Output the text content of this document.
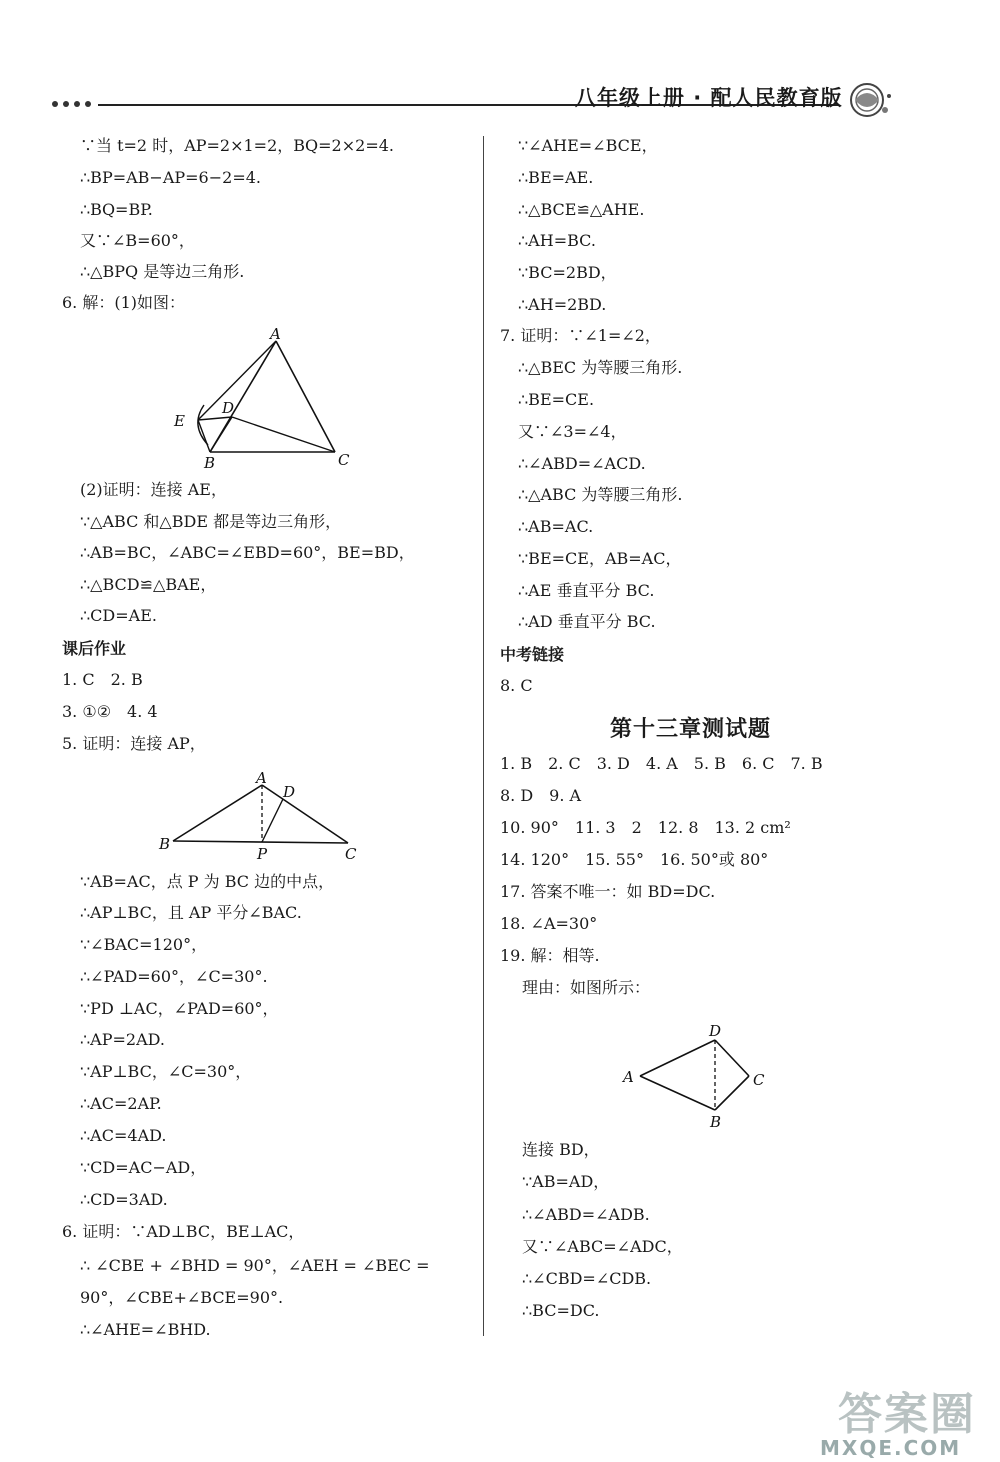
八年级上册 · 配人民教育版
∵当 t=2 时，AP=2×1=2，BQ=2×2=4.
∴BP=AB−AP=6−2=4.
∴BQ=BP.
又∵∠B=60°，
∴△BPQ 是等边三角形.
6. 解：(1)如图：
A
D
E
B	C
(2)证明：连接 AE，
∵△ABC 和△BDE 都是等边三角形，
∴AB=BC，∠ABC=∠EBD=60°，BE=BD，
∴△BCD≌△BAE，
∴CD=AE.
课后作业
1. C　2. B
3. ①②　4. 4
5. 证明：连接 AP，
A
D
B
P	C
∵AB=AC，点 P 为 BC 边的中点，
∴AP⊥BC，且 AP 平分∠BAC.
∵∠BAC=120°，
∴∠PAD=60°，∠C=30°.
∵PD ⊥AC，∠PAD=60°，
∴AP=2AD.
∵AP⊥BC，∠C=30°，
∴AC=2AP.
∴AC=4AD.
∵CD=AC−AD，
∴CD=3AD.
6. 证明：∵AD⊥BC，BE⊥AC，
∴ ∠CBE + ∠BHD = 90°，∠AEH = ∠BEC =
90°，∠CBE+∠BCE=90°.
∴∠AHE=∠BHD.
∵∠AHE=∠BCE，
∴BE=AE.
∴△BCE≌△AHE.
∴AH=BC.
∵BC=2BD，
∴AH=2BD.
7. 证明：∵∠1=∠2，
∴△BEC 为等腰三角形.
∴BE=CE.
又∵∠3=∠4，
∴∠ABD=∠ACD.
∴△ABC 为等腰三角形.
∴AB=AC.
∵BE=CE，AB=AC，
∴AE 垂直平分 BC.
∴AD 垂直平分 BC.
中考链接
8. C
第十三章测试题
1. B　2. C　3. D　4. A　5. B　6. C　7. B
8. D　9. A
10. 90°　11. 3　2　12. 8　13. 2 cm²
14. 120°　15. 55°　16. 50°或 80°
17. 答案不唯一：如 BD=DC.
18. ∠A=30°
19. 解：相等.
理由：如图所示：
D
A	C
B
连接 BD，
∵AB=AD，
∴∠ABD=∠ADB.
又∵∠ABC=∠ADC，
∴∠CBD=∠CDB.
∴BC=DC.
答案圈
MXQE.COM
